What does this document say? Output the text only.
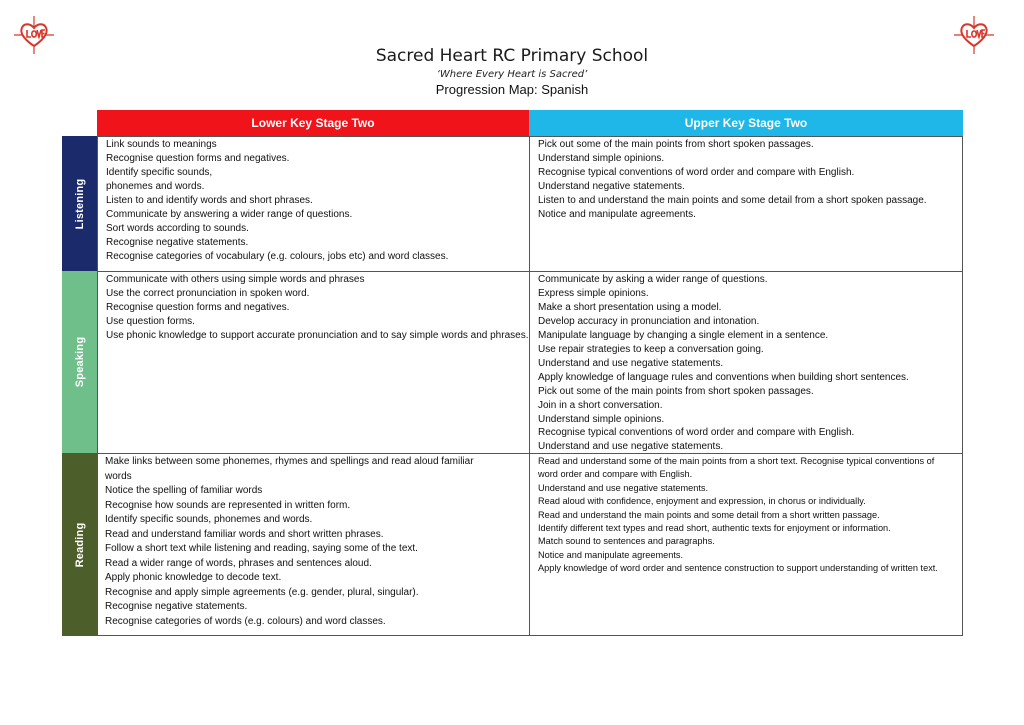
Sacred Heart RC Primary School
‘Where Every Heart is Sacred’
Progression Map: Spanish
Lower Key Stage Two	Upper Key Stage Two
Listening
Link sounds to meanings
Recognise question forms and negatives.
Identify specific sounds,
phonemes and words.
Listen to and identify words and short phrases.
Communicate by answering a wider range of questions.
Sort words according to sounds.
Recognise negative statements.
Recognise categories of vocabulary (e.g. colours, jobs etc) and word classes.
Pick out some of the main points from short spoken passages.
Understand simple opinions.
Recognise typical conventions of word order and compare with English.
Understand negative statements.
Listen to and understand the main points and some detail from a short spoken passage.
Notice and manipulate agreements.
Speaking
Communicate with others using simple words and phrases
Use the correct pronunciation in spoken word.
Recognise question forms and negatives.
Use question forms.
Use phonic knowledge to support accurate pronunciation and to say simple words and phrases.
Communicate by asking a wider range of questions.
Express simple opinions.
Make a short presentation using a model.
Develop accuracy in pronunciation and intonation.
Manipulate language by changing a single element in a sentence.
Use repair strategies to keep a conversation going.
Understand and use negative statements.
Apply knowledge of language rules and conventions when building short sentences.
Pick out some of the main points from short spoken passages.
Join in a short conversation.
Understand simple opinions.
Recognise typical conventions of word order and compare with English.
Understand and use negative statements.
Reading
Make links between some phonemes, rhymes and spellings and read aloud familiar
words
Notice the spelling of familiar words
Recognise how sounds are represented in written form.
Identify specific sounds, phonemes and words.
Read and understand familiar words and short written phrases.
Follow a short text while listening and reading, saying some of the text.
Read a wider range of words, phrases and sentences aloud.
Apply phonic knowledge to decode text.
Recognise and apply simple agreements (e.g. gender, plural, singular).
Recognise negative statements.
Recognise categories of words (e.g. colours) and word classes.
Read and understand some of the main points from a short text. Recognise typical conventions of word order and compare with English.
Understand and use negative statements.
Read aloud with confidence, enjoyment and expression, in chorus or individually.
Read and understand the main points and some detail from a short written passage.
Identify different text types and read short, authentic texts for enjoyment or information.
Match sound to sentences and paragraphs.
Notice and manipulate agreements.
Apply knowledge of word order and sentence construction to support understanding of written text.
